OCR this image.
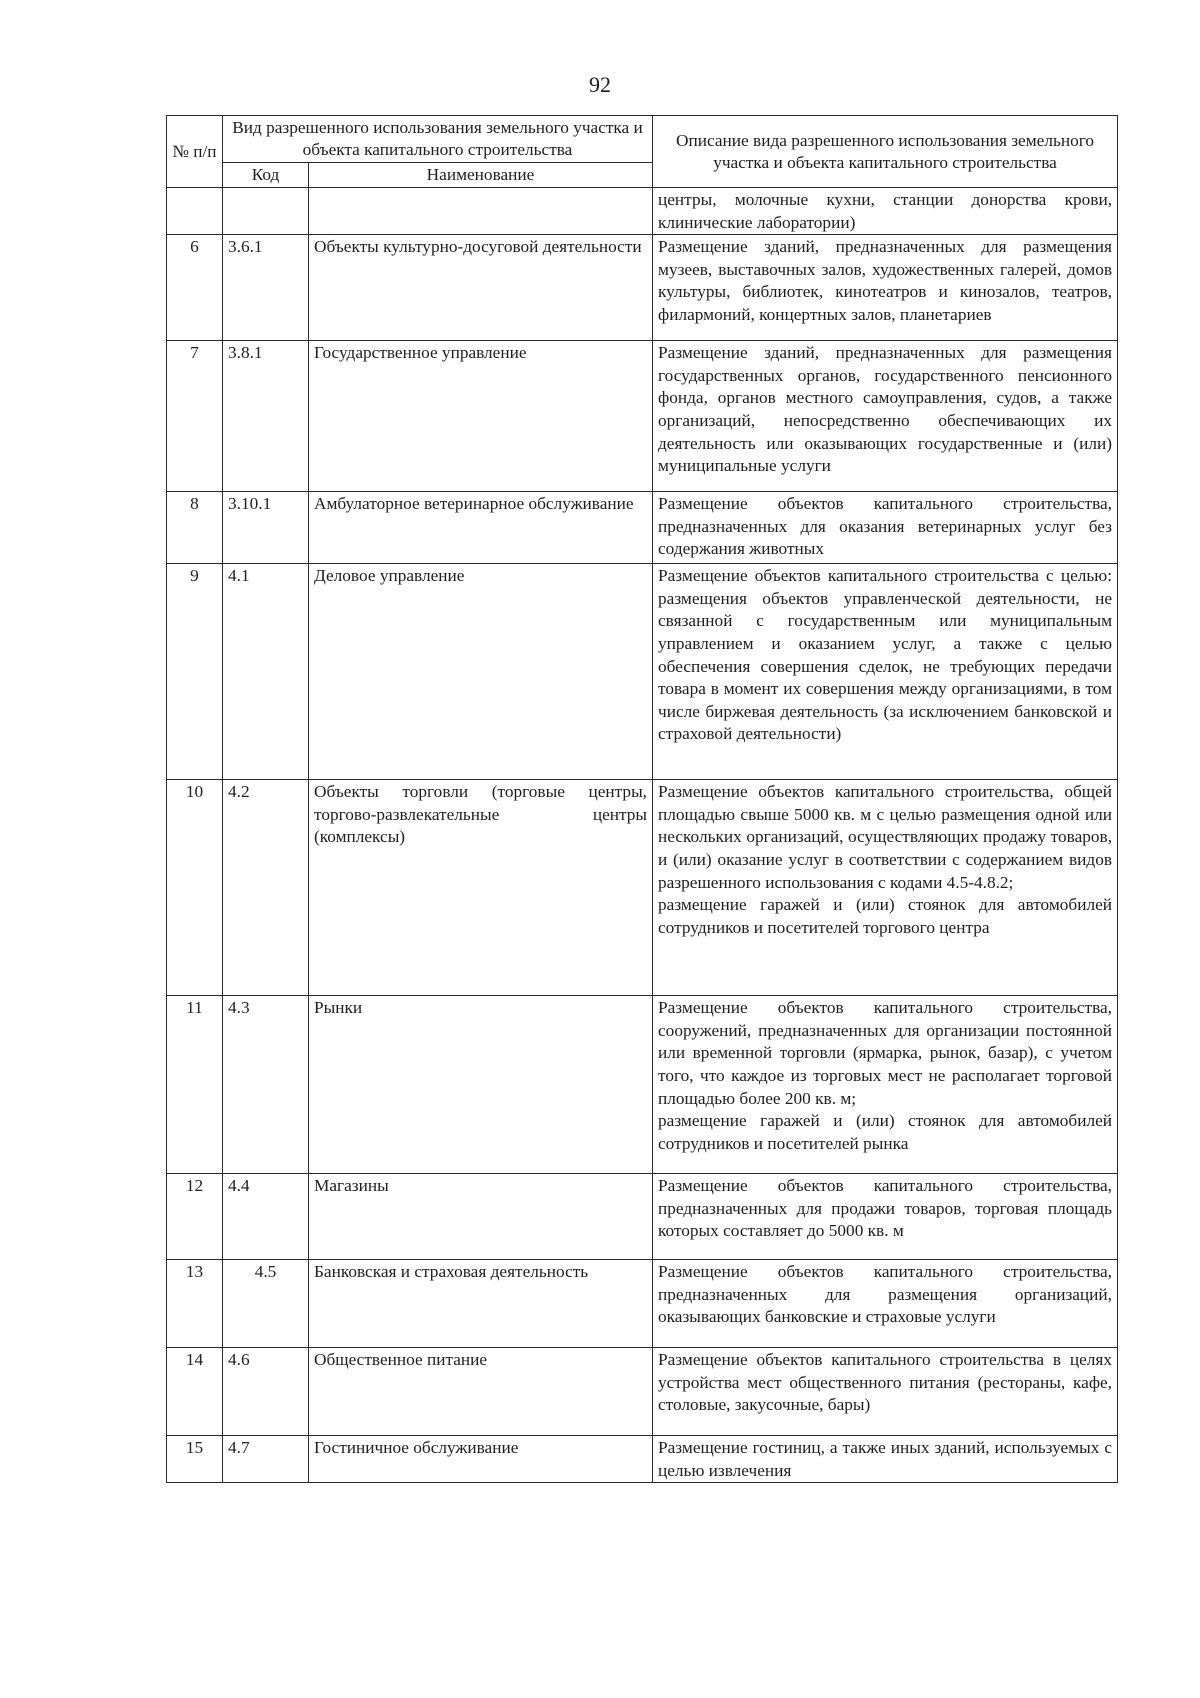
92
№ п/п	Вид разрешенного использования земельного участка и объекта капитального строительства		Описание вида разрешенного использования земельного участка и объекта капитального строительства
	Код	Наименование	

			центры, молочные кухни, станции донорства крови, клинические лаборатории)

6	3.6.1	Объекты культурно-досуговой деятельности	Размещение зданий, предназначенных для размещения музеев, выставочных залов, художественных галерей, домов культуры, библиотек, кинотеатров и кинозалов, театров, филармоний, концертных залов, планетариев

7	3.8.1	Государственное управление	Размещение зданий, предназначенных для размещения государственных органов, государственного пенсионного фонда, органов местного самоуправления, судов, а также организаций, непосредственно обеспечивающих их деятельность или оказывающих государственные и (или) муниципальные услуги

8	3.10.1	Амбулаторное ветеринарное обслуживание	Размещение объектов капитального строительства, предназначенных для оказания ветеринарных услуг без содержания животных

9	4.1	Деловое управление	Размещение объектов капитального строительства с целью: размещения объектов управленческой деятельности, не связанной с государственным или муниципальным управлением и оказанием услуг, а также с целью обеспечения совершения сделок, не требующих передачи товара в момент их совершения между организациями, в том числе биржевая деятельность (за исключением банковской и страховой деятельности)

10	4.2	Объекты торговли (торговые центры, торгово-развлекательные центры (комплексы)	Размещение объектов капитального строительства, общей площадью свыше 5000 кв. м с целью размещения одной или нескольких организаций, осуществляющих продажу товаров, и (или) оказание услуг в соответствии с содержанием видов разрешенного использования с кодами 4.5-4.8.2;
размещение гаражей и (или) стоянок для автомобилей сотрудников и посетителей торгового центра

11	4.3	Рынки	Размещение объектов капитального строительства, сооружений, предназначенных для организации постоянной или временной торговли (ярмарка, рынок, базар), с учетом того, что каждое из торговых мест не располагает торговой площадью более 200 кв. м;
размещение гаражей и (или) стоянок для автомобилей сотрудников и посетителей рынка

12	4.4	Магазины	Размещение объектов капитального строительства, предназначенных для продажи товаров, торговая площадь которых составляет до 5000 кв. м

13	4.5	Банковская и страховая деятельность	Размещение объектов капитального строительства, предназначенных для размещения организаций, оказывающих банковские и страховые услуги

14	4.6	Общественное питание	Размещение объектов капитального строительства в целях устройства мест общественного питания (рестораны, кафе, столовые, закусочные, бары)

15	4.7	Гостиничное обслуживание	Размещение гостиниц, а также иных зданий, используемых с целью извлечения
